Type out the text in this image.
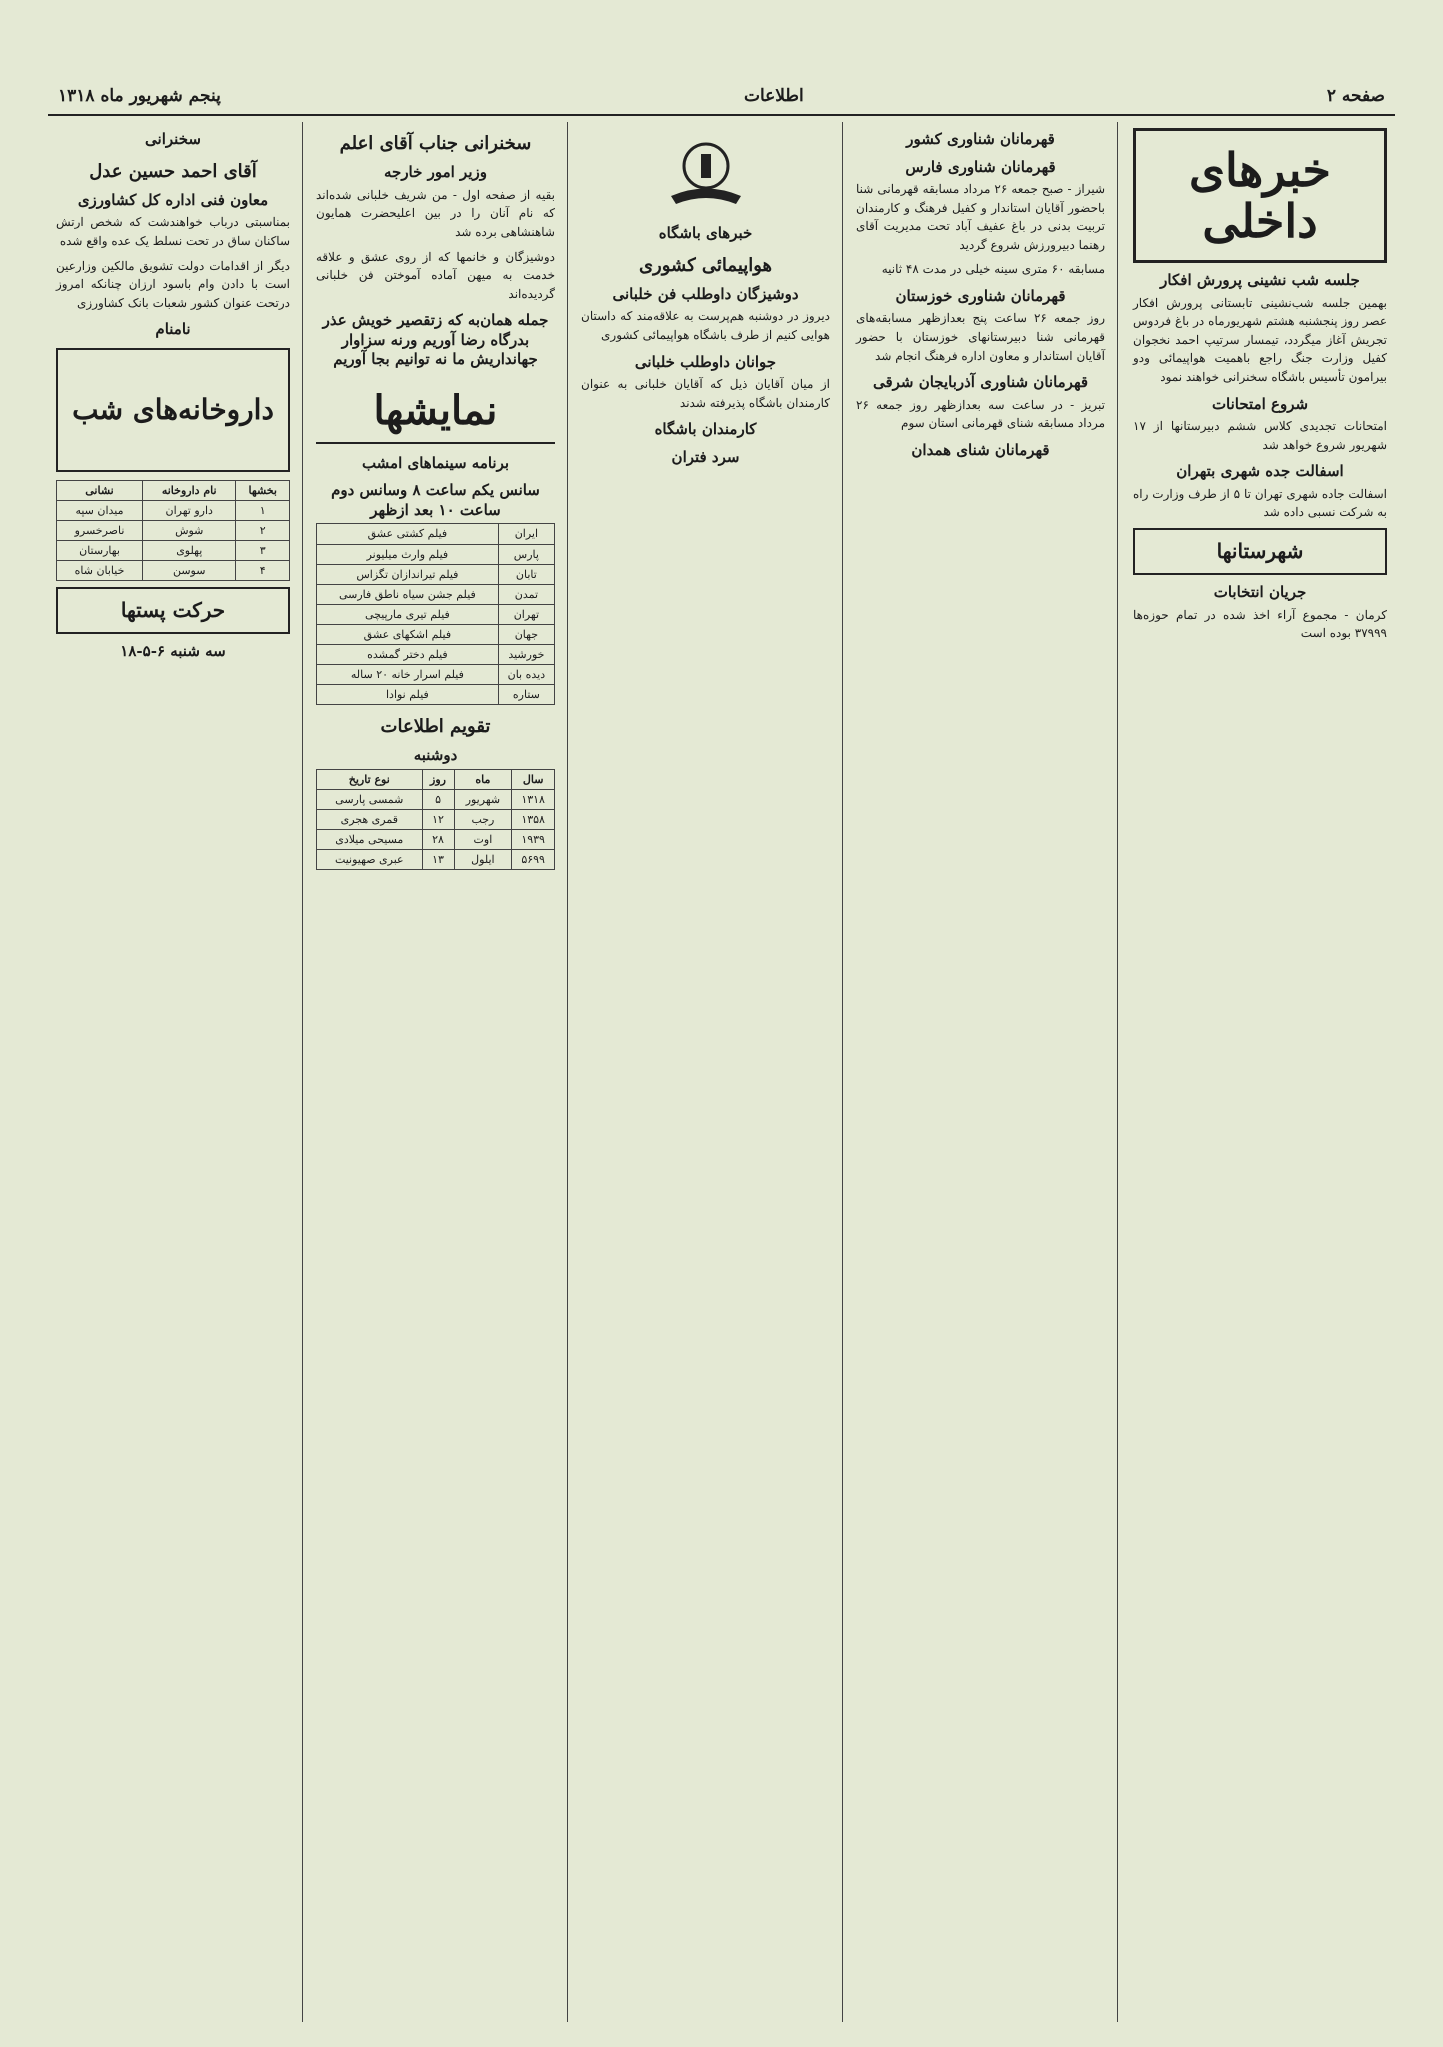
صفحه ۲
اطلاعات
پنجم شهریور ماه ۱۳۱۸
خبرهای داخلی
جلسه شب نشینی پرورش افکار

بهمین جلسه شب‌نشینی تابستانی پرورش افکار عصر روز پنجشنبه هشتم شهریورماه در باغ فردوس تجریش آغاز میگردد، تیمسار سرتیپ احمد نخجوان کفیل وزارت جنگ راجع باهمیت هواپیمائی ودو بیرامون تأسیس باشگاه سخنرانی خواهند نمود

شروع امتحانات

امتحانات تجدیدی کلاس ششم دبیرستانها از ۱۷ شهریور شروع خواهد شد

اسفالت جده شهری بتهران

اسفالت جاده شهری تهران تا ۵ از طرف وزارت راه به شرکت نسبی داده شد

شهرستانها
جریان انتخابات

کرمان - مجموع آراء اخذ شده در تمام حوزه‌ها ۳۷۹۹۹ بوده است

قهرمانان شناوری کشور
قهرمانان شناوری فارس

شیراز - صبح جمعه ۲۶ مرداد مسابقه قهرمانی شنا باحضور آقایان استاندار و کفیل فرهنگ و کارمندان تربیت بدنی در باغ عفیف آباد تحت مدیریت آقای رهنما دبیرورزش شروع گردید

مسابقه ۶۰ متری سینه خیلی در مدت ۴۸ ثانیه

قهرمانان شناوری خوزستان

روز جمعه ۲۶ ساعت پنج بعدازظهر مسابقه‌های قهرمانی شنا دبیرستانهای خوزستان با حضور آقایان استاندار و معاون اداره فرهنگ انجام شد

قهرمانان شناوری آذربایجان شرقی

تبریز - در ساعت سه بعدازظهر روز جمعه ۲۶ مرداد مسابقه شنای قهرمانی استان سوم

قهرمانان شنای همدان
خبرهای باشگاه
هواپیمائی کشوری
دوشیزگان داوطلب فن خلبانی

دیروز در دوشنبه هم‌پرست به علاقه‌مند که داستان هوایی کنیم از طرف باشگاه هواپیمائی کشوری

جوانان داوطلب خلبانی

از میان آقایان ذیل که آقایان خلبانی به عنوان کارمندان باشگاه پذیرفته شدند

کارمندان باشگاه
سرد فتران
سخنرانی جناب آقای اعلم
وزیر امور خارجه

بقیه از صفحه اول - من شریف خلبانی شده‌اند که نام آنان را در بین اعلیحضرت همایون شاهنشاهی برده شد

دوشیزگان و خانمها که از روی عشق و علاقه خدمت به میهن آماده آموختن فن خلبانی گردیده‌اند

جمله همان‌به که زتقصیر خویش عذر بدرگاه رضا آوریم ورنه سزاوار جهانداریش ما نه توانیم بجا آوریم
نمایشها
برنامه سینماهای امشب
سانس یکم ساعت ۸ وسانس دوم ساعت ۱۰ بعد ازظهر
ایران	فیلم کشتی عشق
پارس	فیلم وارث میلیونر
تابان	فیلم تیراندازان تگزاس
تمدن	فیلم جشن سیاه ناطق فارسی
تهران	فیلم تیری مارپیچی
جهان	فیلم اشکهای عشق
خورشید	فیلم دختر گمشده
دیده بان	فیلم اسرار خانه ۲۰ ساله
ستاره	فیلم نوادا
تقویم اطلاعات
دوشنبه
سال	ماه	روز	نوع تاریخ
۱۳۱۸	شهریور	۵	شمسی پارسی
۱۳۵۸	رجب	۱۲	قمری هجری
۱۹۳۹	اوت	۲۸	مسیحی میلادی
۵۶۹۹	ایلول	۱۳	عبری صهیونیت
سخنرانی
آقای احمد حسین عدل
معاون فنی اداره کل کشاورزی

بمناسبتی درباب خواهندشت که شخص ارتش ساکنان ساق در تحت نسلط یک عده واقع شده

دیگر از اقدامات دولت تشویق مالکین وزارعین است با دادن وام باسود ارزان چنانکه امروز درتحت عنوان کشور شعبات بانک کشاورزی

نامنام
داروخانه‌های شب
بخشها	نام داروخانه	نشانی
۱	دارو تهران	میدان سپه
۲	شوش	ناصرخسرو
۳	پهلوی	بهارستان
۴	سوسن	خیابان شاه
حرکت پستها
سه شنبه ۶-۵-۱۸
